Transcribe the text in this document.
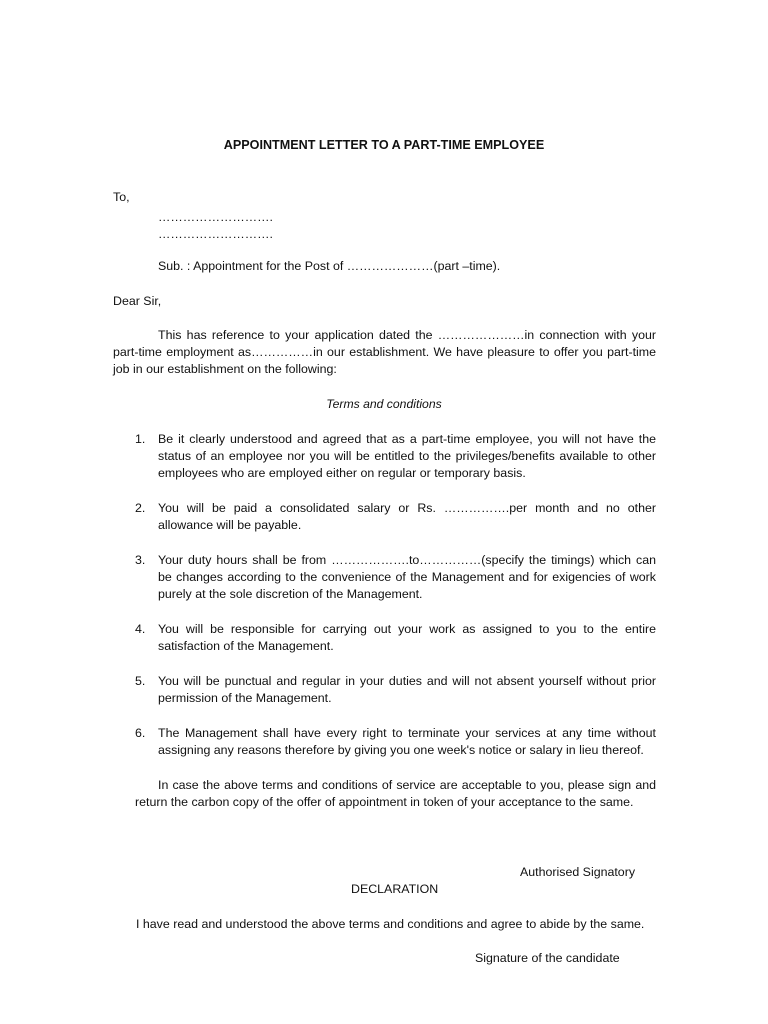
APPOINTMENT LETTER TO A PART-TIME EMPLOYEE

To,

……………………….

……………………….

Sub. : Appointment for the Post of …………………(part –time).

Dear Sir,

This has reference to your application dated the …………………in connection with your part-time employment as……………in our establishment. We have pleasure to offer you part-time job in our establishment on the following:

Terms and conditions

1.	Be it clearly understood and agreed that as a part-time employee, you will not have the status of an employee nor you will be entitled to the privileges/benefits available to other employees who are employed either on regular or temporary basis.

2.	You will be paid a consolidated salary or Rs. …………….per month and no other allowance will be payable.

3.	Your duty hours shall be from ……………….to……………(specify the timings) which can be changes according to the convenience of the Management and for exigencies of work purely at the sole discretion of the Management.

4.	You will be responsible for carrying out your work as assigned to you to the entire satisfaction of the Management.

5.	You will be punctual and regular in your duties and will not absent yourself without prior permission of the Management.

6.	The Management shall have every right to terminate your services at any time without assigning any reasons therefore by giving you one week's notice or salary in lieu thereof.

In case the above terms and conditions of service are acceptable to you, please sign and return the carbon copy of the offer of appointment in token of your acceptance to the same.

Authorised Signatory

DECLARATION

I have read and understood the above terms and conditions and agree to abide by the same.

Signature of the candidate
